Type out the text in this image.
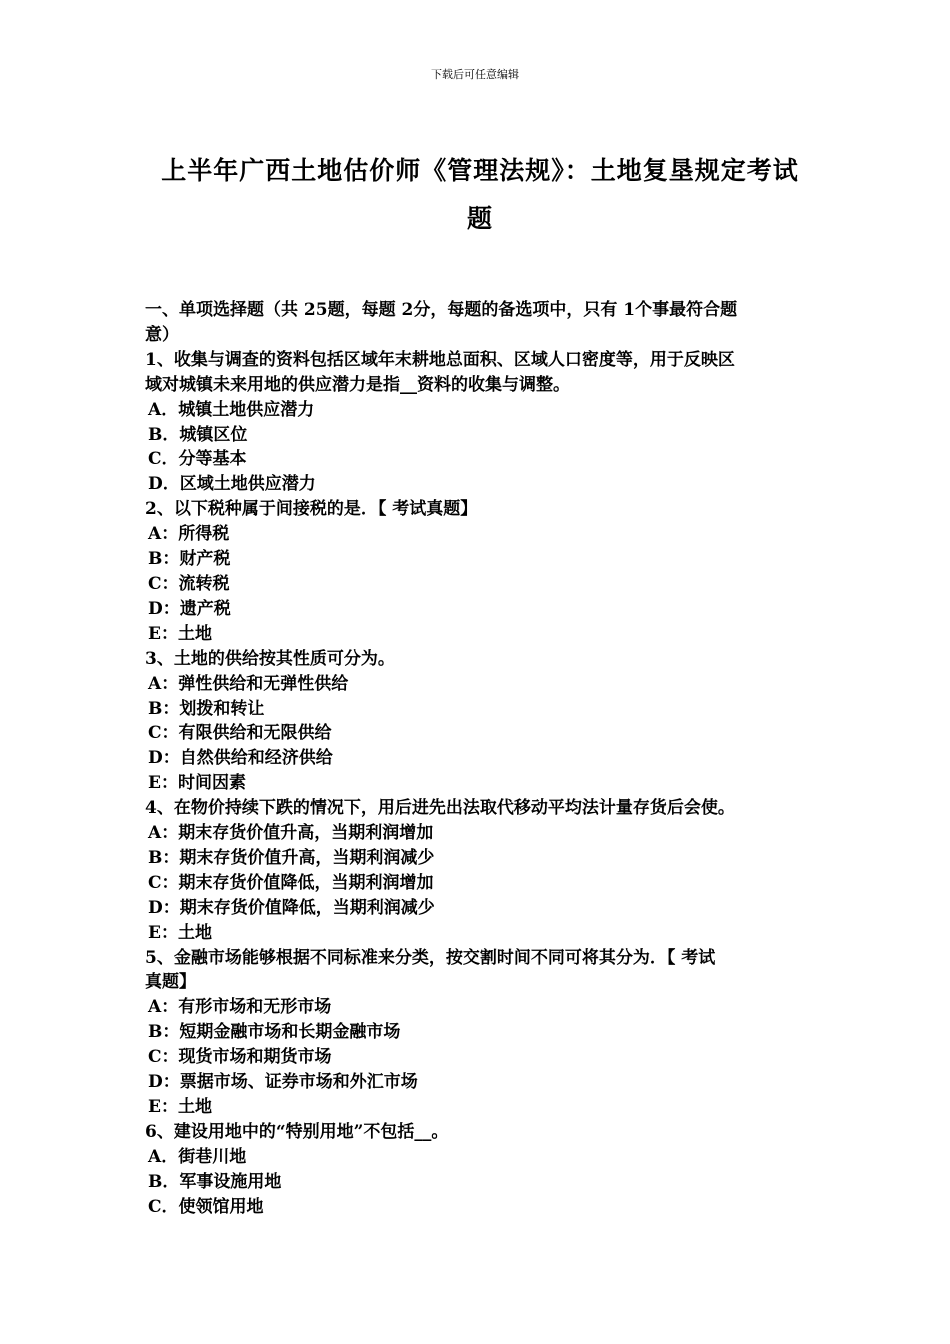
下载后可任意编辑
上半年广西土地估价师《管理法规》：土地复垦规定考试
题
一、单项选择题（共 25题，每题 2分，每题的备选项中，只有 1个事最符合题
意）
1、收集与调查的资料包括区域年末耕地总面积、区域人口密度等，用于反映区
域对城镇未来用地的供应潜力是指__资料的收集与调整。
A．城镇土地供应潜力
B．城镇区位
C．分等基本
D．区域土地供应潜力
2、以下税种属于间接税的是．【 考试真题】
A：所得税
B：财产税
C：流转税
D：遗产税
E：土地
3、土地的供给按其性质可分为。
A：弹性供给和无弹性供给
B：划拨和转让
C：有限供给和无限供给
D：自然供给和经济供给
E：时间因素
4、在物价持续下跌的情况下，用后进先出法取代移动平均法计量存货后会使。
A：期末存货价值升高，当期利润增加
B：期末存货价值升高，当期利润减少
C：期末存货价值降低，当期利润增加
D：期末存货价值降低，当期利润减少
E：土地
5、金融市场能够根据不同标准来分类，按交割时间不同可将其分为．【 考试
真题】
A：有形市场和无形市场
B：短期金融市场和长期金融市场
C：现货市场和期货市场
D：票据市场、证券市场和外汇市场
E：土地
6、建设用地中的“特别用地”不包括__。
A．街巷川地
B．军事设施用地
C．使领馆用地
